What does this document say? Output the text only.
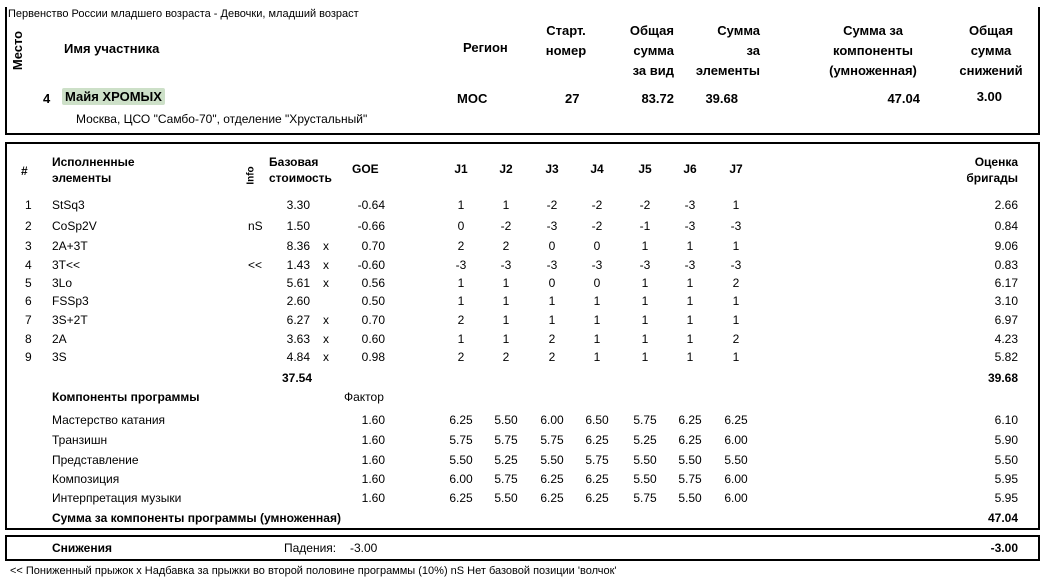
Первенство России младшего возраста - Девочки, младший возраст
Место	Имя участника	Регион
Старт.
номер
Общая
сумма
за вид
Сумма
за
элементы
Сумма за
компоненты
(умноженная)
Общая
сумма
снижений
4 Майя ХРОМЫХ
Москва, ЦСО "Самбо-70", отделение "Хрустальный"
МОС	27	83.72	39.68	47.04	3.00
#
Исполненные
элементы	Info
Базовая
стоимость
GOE	J1	J2	J3	J4	J5	J6	J7	Оценка
бригады
1 StSq3	3.30	-0.64	1	1	-2	-2	-2	-3	1	2.66
2 CoSp2V	nS	1.50	-0.66	0	-2	-3	-2	-1	-3	-3	0.84
3 2A+3T	8.36 x	0.70	2	2	0	0	1	1	1	9.06
4 3T<<	<<	1.43 x	-0.60	-3	-3	-3	-3	-3	-3	-3	0.83
5 3Lo	5.61 x	0.56	1	1	0	0	1	1	2	6.17
6 FSSp3	2.60	0.50	1	1	1	1	1	1	1	3.10
7 3S+2T	6.27 x	0.70	2	1	1	1	1	1	1	6.97
8 2A	3.63 x	0.60	1	1	2	1	1	1	2	4.23
9 3S	4.84 x	0.98	2	2	2	1	1	1	1	5.82
37.54	39.68
Компоненты программы	Фактор
Мастерство катания	1.60	6.25	5.50	6.00	6.50	5.75	6.25	6.25	6.10
Транзишн	1.60	5.75	5.75	5.75	6.25	5.25	6.25	6.00	5.90
Представление	1.60	5.50	5.25	5.50	5.75	5.50	5.50	5.50	5.50
Композиция	1.60	6.00	5.75	6.25	6.25	5.50	5.75	6.00	5.95
Интерпретация музыки	1.60	6.25	5.50	6.25	6.25	5.75	5.50	6.00	5.95
Сумма за компоненты программы (умноженная)	47.04
Снижения	Падения: -3.00	-3.00
<< Пониженный прыжок x Надбавка за прыжки во второй половине программы (10%) nS Нет базовой позиции 'волчок'
